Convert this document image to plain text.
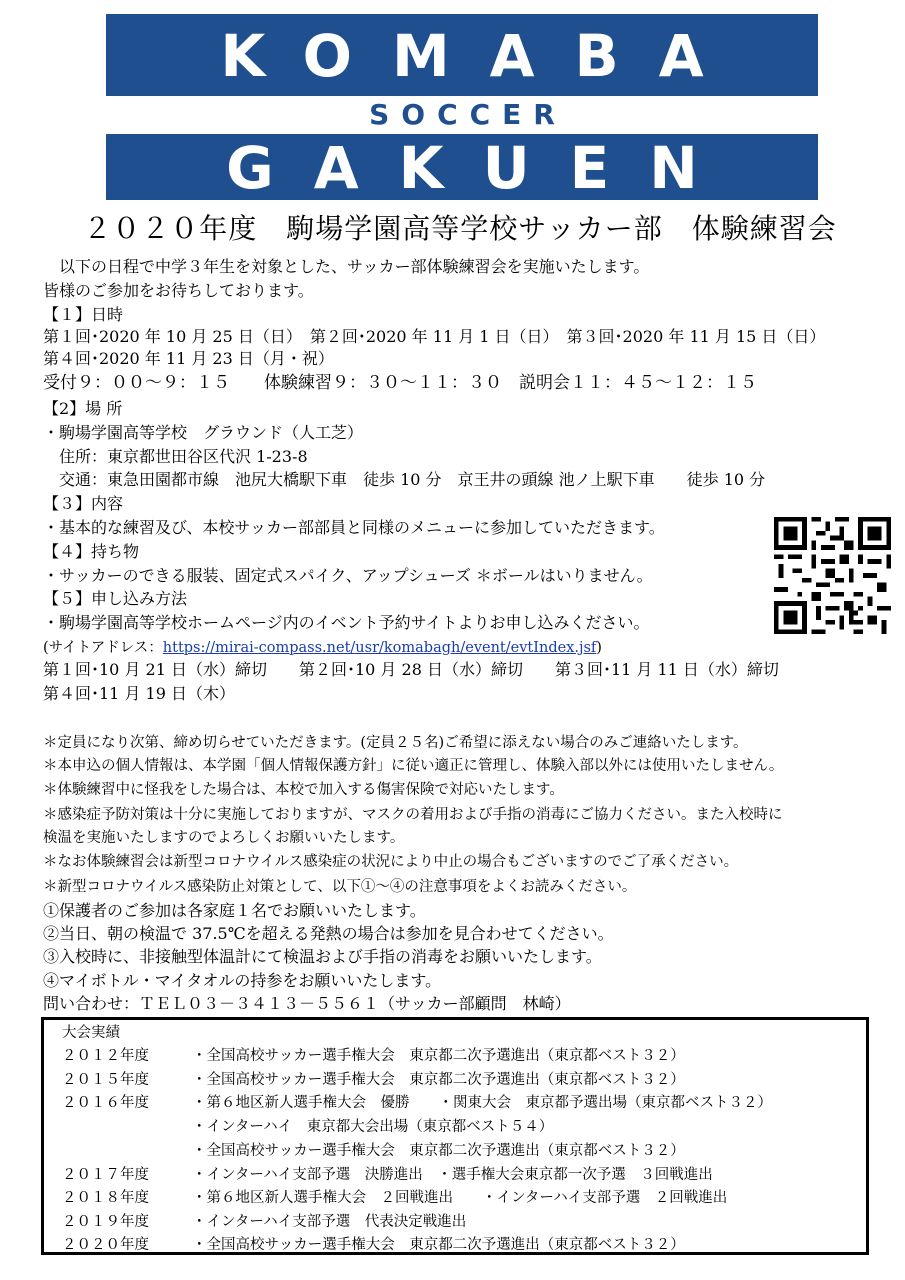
KOMABA
SOCCER
GAKUEN
２０２０年度　駒場学園高等学校サッカー部　体験練習会
　以下の日程で中学３年生を対象とした、サッカー部体験練習会を実施いたします。
皆様のご参加をお待ちしております。
【１】日時
第１回･2020 年 10 月 25 日（日）　第２回･2020 年 11 月 1 日（日）　第３回･2020 年 11 月 15 日（日）
第４回･2020 年 11 月 23 日（月・祝）
受付９：００～９：１５　　体験練習９：３０～１１：３０　説明会１１：４５～１２：１５
【2】場 所
・駒場学園高等学校　グラウンド（人工芝）
　住所：東京都世田谷区代沢 1-23-8
　交通：東急田園都市線　池尻大橋駅下車　徒歩 10 分　京王井の頭線 池ノ上駅下車　　徒歩 10 分
【３】内容
・基本的な練習及び、本校サッカー部部員と同様のメニューに参加していただきます。
【４】持ち物
・サッカーのできる服装、固定式スパイク、アップシューズ ＊ボールはいりません。
【５】申し込み方法
・駒場学園高等学校ホームページ内のイベント予約サイトよりお申し込みください。
(サイトアドレス：https://mirai-compass.net/usr/komabagh/event/evtIndex.jsf)
第１回･10 月 21 日（水）締切　　第２回･10 月 28 日（水）締切　　第３回･11 月 11 日（水）締切
第４回･11 月 19 日（木）
＊定員になり次第、締め切らせていただきます。(定員２５名)ご希望に添えない場合のみご連絡いたします。
＊本申込の個人情報は、本学園「個人情報保護方針」に従い適正に管理し、体験入部以外には使用いたしません。
＊体験練習中に怪我をした場合は、本校で加入する傷害保険で対応いたします。
＊感染症予防対策は十分に実施しておりますが、マスクの着用および手指の消毒にご協力ください。また入校時に
検温を実施いたしますのでよろしくお願いいたします。
＊なお体験練習会は新型コロナウイルス感染症の状況により中止の場合もございますのでご了承ください。
＊新型コロナウイルス感染防止対策として、以下①～④の注意事項をよくお読みください。
①保護者のご参加は各家庭１名でお願いいたします。
②当日、朝の検温で 37.5℃を超える発熱の場合は参加を見合わせてください。
③入校時に、非接触型体温計にて検温および手指の消毒をお願いいたします。
④マイボトル・マイタオルの持参をお願いいたします。
問い合わせ：ＴＥＬ０３－３４１３－５５６１（サッカー部顧問　林崎）
大会実績
２０１２年度	・全国高校サッカー選手権大会　東京都二次予選進出（東京都ベスト３２）
２０１５年度	・全国高校サッカー選手権大会　東京都二次予選進出（東京都ベスト３２）
２０１６年度	・第６地区新人選手権大会　優勝　　・関東大会　東京都予選出場（東京都ベスト３２）
・インターハイ　東京都大会出場（東京都ベスト５４）
・全国高校サッカー選手権大会　東京都二次予選進出（東京都ベスト３２）
２０１７年度	・インターハイ支部予選　決勝進出　・選手権大会東京都一次予選　３回戦進出
２０１８年度	・第６地区新人選手権大会　２回戦進出　　・インターハイ支部予選　２回戦進出
２０１９年度	・インターハイ支部予選　代表決定戦進出
２０２０年度	・全国高校サッカー選手権大会　東京都二次予選進出（東京都ベスト３２）
